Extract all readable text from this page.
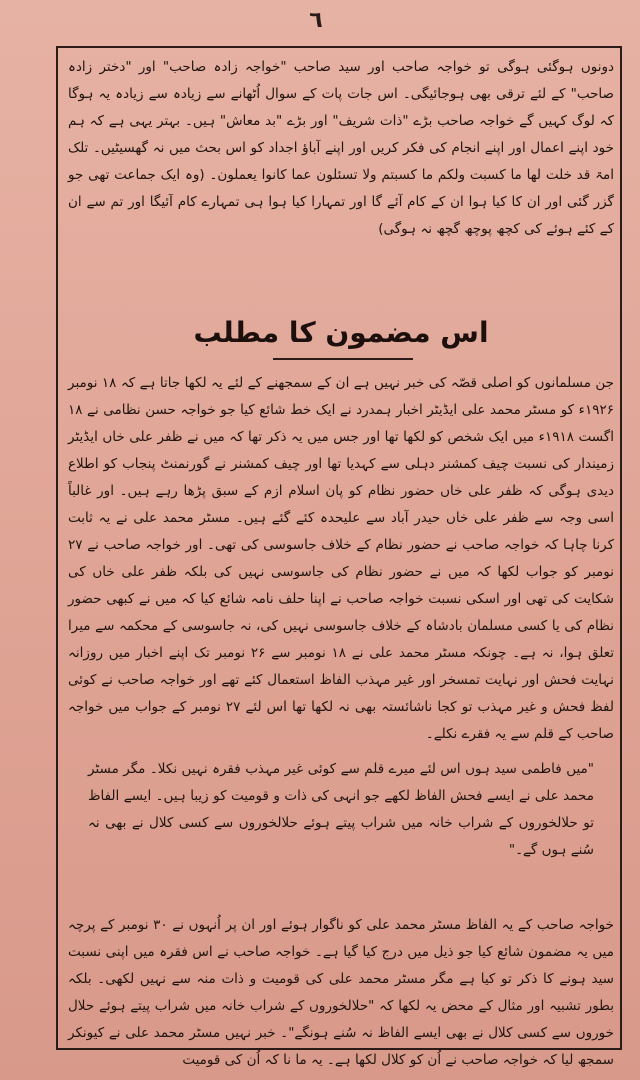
٦

دونوں ہوگئی ہوگی تو خواجہ صاحب اور سید صاحب "خواجہ زادہ صاحب" اور "دختر زادہ صاحب" کے لئے ترقی بھی ہوجائیگی۔ اس جات پات کے سوال اُٹھانے سے زیادہ سے زیادہ یہ ہوگا کہ لوگ کہیں گے خواجہ صاحب بڑے "ذات شریف" اور بڑے "بد معاش" ہیں۔ بہتر یہی ہے کہ ہم خود اپنے اعمال اور اپنے انجام کی فکر کریں اور اپنے آباؤ اجداد کو اس بحث میں نہ گھسیٹیں۔ تلک امۃ قد خلت لھا ما کسبت ولکم ما کسبتم ولا تسئلون عما کانوا یعملون۔ (وہ ایک جماعت تھی جو گزر گئی اور ان کا کیا ہوا ان کے کام آئے گا اور تمہارا کیا ہوا ہی تمہارے کام آئیگا اور تم سے ان کے کئے ہوئے کی کچھ پوچھ گچھ نہ ہوگی)

اس مضمون کا مطلب

جن مسلمانوں کو اصلی قصّہ کی خبر نہیں ہے ان کے سمجھنے کے لئے یہ لکھا جاتا ہے کہ ۱۸ نومبر ۱۹۲۶ء کو مسٹر محمد علی ایڈیٹر اخبار ہمدرد نے ایک خط شائع کیا جو خواجہ حسن نظامی نے ۱۸ اگست ۱۹۱۸ء میں ایک شخص کو لکھا تھا اور جس میں یہ ذکر تھا کہ میں نے ظفر علی خاں ایڈیٹر زمیندار کی نسبت چیف کمشنر دہلی سے کہدیا تھا اور چیف کمشنر نے گورنمنٹ پنجاب کو اطلاع دیدی ہوگی کہ ظفر علی خاں حضور نظام کو پان اسلام ازم کے سبق پڑھا رہے ہیں۔ اور غالباً اسی وجہ سے ظفر علی خاں حیدر آباد سے علیحدہ کئے گئے ہیں۔ مسٹر محمد علی نے یہ ثابت کرنا چاہا کہ خواجہ صاحب نے حضور نظام کے خلاف جاسوسی کی تھی۔ اور خواجہ صاحب نے ۲۷ نومبر کو جواب لکھا کہ میں نے حضور نظام کی جاسوسی نہیں کی بلکہ ظفر علی خاں کی شکایت کی تھی اور اسکی نسبت خواجہ صاحب نے اپنا حلف نامہ شائع کیا کہ میں نے کبھی حضور نظام کی یا کسی مسلمان بادشاہ کے خلاف جاسوسی نہیں کی، نہ جاسوسی کے محکمہ سے میرا تعلق ہوا، نہ ہے۔ چونکہ مسٹر محمد علی نے ۱۸ نومبر سے ۲۶ نومبر تک اپنے اخبار میں روزانہ نہایت فحش اور نہایت تمسخر اور غیر مہذب الفاظ استعمال کئے تھے اور خواجہ صاحب نے کوئی لفظ فحش و غیر مہذب تو کجا ناشائستہ بھی نہ لکھا تھا اس لئے ۲۷ نومبر کے جواب میں خواجہ صاحب کے قلم سے یہ فقرے نکلے۔

"میں فاطمی سید ہوں اس لئے میرے قلم سے کوئی غیر مہذب فقرہ نہیں نکلا۔ مگر مسٹر محمد علی نے ایسے فحش الفاظ لکھے جو انہی کی ذات و قومیت کو زیبا ہیں۔ ایسے الفاظ تو حلالخوروں کے شراب خانہ میں شراب پیتے ہوئے حلالخوروں سے کسی کلال نے بھی نہ سُنے ہوں گے۔"

خواجہ صاحب کے یہ الفاظ مسٹر محمد علی کو ناگوار ہوئے اور ان پر اُنہوں نے ۳۰ نومبر کے پرچہ میں یہ مضمون شائع کیا جو ذیل میں درج کیا گیا ہے۔ خواجہ صاحب نے اس فقرہ میں اپنی نسبت سید ہونے کا ذکر تو کیا ہے مگر مسٹر محمد علی کی قومیت و ذات منہ سے نہیں لکھی۔ بلکہ بطور تشبیہ اور مثال کے محض یہ لکھا کہ "حلالخوروں کے شراب خانہ میں شراب پیتے ہوئے حلال خوروں سے کسی کلال نے بھی ایسے الفاظ نہ سُنے ہونگے"۔ خبر نہیں مسٹر محمد علی نے کیونکر سمجھ لیا کہ خواجہ صاحب نے اُن کو کلال لکھا ہے۔ یہ ما نا کہ اُن کی قومیت
